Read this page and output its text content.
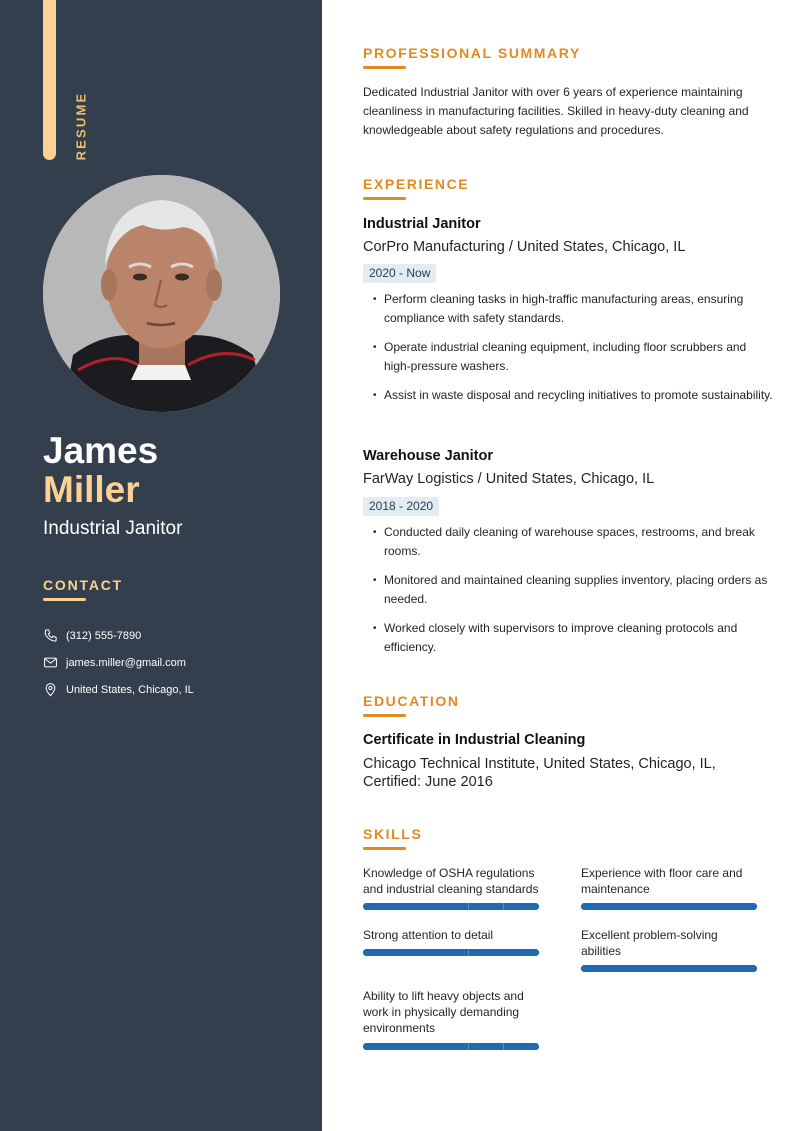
RESUME
James
Miller
Industrial Janitor
CONTACT
(312) 555-7890
james.miller@gmail.com
United States, Chicago, IL
PROFESSIONAL SUMMARY
Dedicated Industrial Janitor with over 6 years of experience maintaining cleanliness in manufacturing facilities. Skilled in heavy-duty cleaning and knowledgeable about safety regulations and procedures.
EXPERIENCE
Industrial Janitor
CorPro Manufacturing / United States, Chicago, IL
2020 - Now
• Perform cleaning tasks in high-traffic manufacturing areas, ensuring compliance with safety standards.
• Operate industrial cleaning equipment, including floor scrubbers and high-pressure washers.
• Assist in waste disposal and recycling initiatives to promote sustainability.
Warehouse Janitor
FarWay Logistics / United States, Chicago, IL
2018 - 2020
• Conducted daily cleaning of warehouse spaces, restrooms, and break rooms.
• Monitored and maintained cleaning supplies inventory, placing orders as needed.
• Worked closely with supervisors to improve cleaning protocols and efficiency.
EDUCATION
Certificate in Industrial Cleaning
Chicago Technical Institute, United States, Chicago, IL, Certified: June 2016
SKILLS
Knowledge of OSHA regulations and industrial cleaning standards
Experience with floor care and maintenance
Strong attention to detail	Excellent problem-solving abilities
Ability to lift heavy objects and work in physically demanding environments
